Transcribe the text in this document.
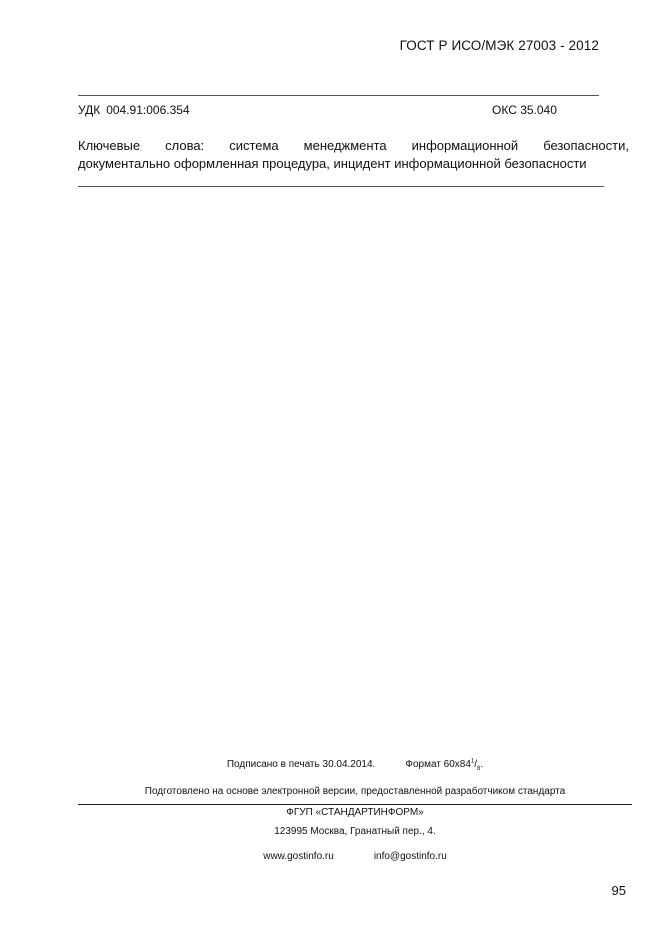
ГОСТ Р ИСО/МЭК 27003 - 2012
УДК 004.91:006.354	ОКС 35.040
Ключевые слова: система менеджмента информационной безопасности,
документально оформленная процедура, инцидент информационной безопасности
Подписано в печать 30.04.2014.	Формат $60x84^1/_8$.
Подготовлено на основе электронной версии, предоставленной разработчиком стандарта
ФГУП «СТАНДАРТИНФОРМ»
123995 Москва, Гранатный пер., 4.
www.gostinfo.ru	info@gostinfo.ru
95
